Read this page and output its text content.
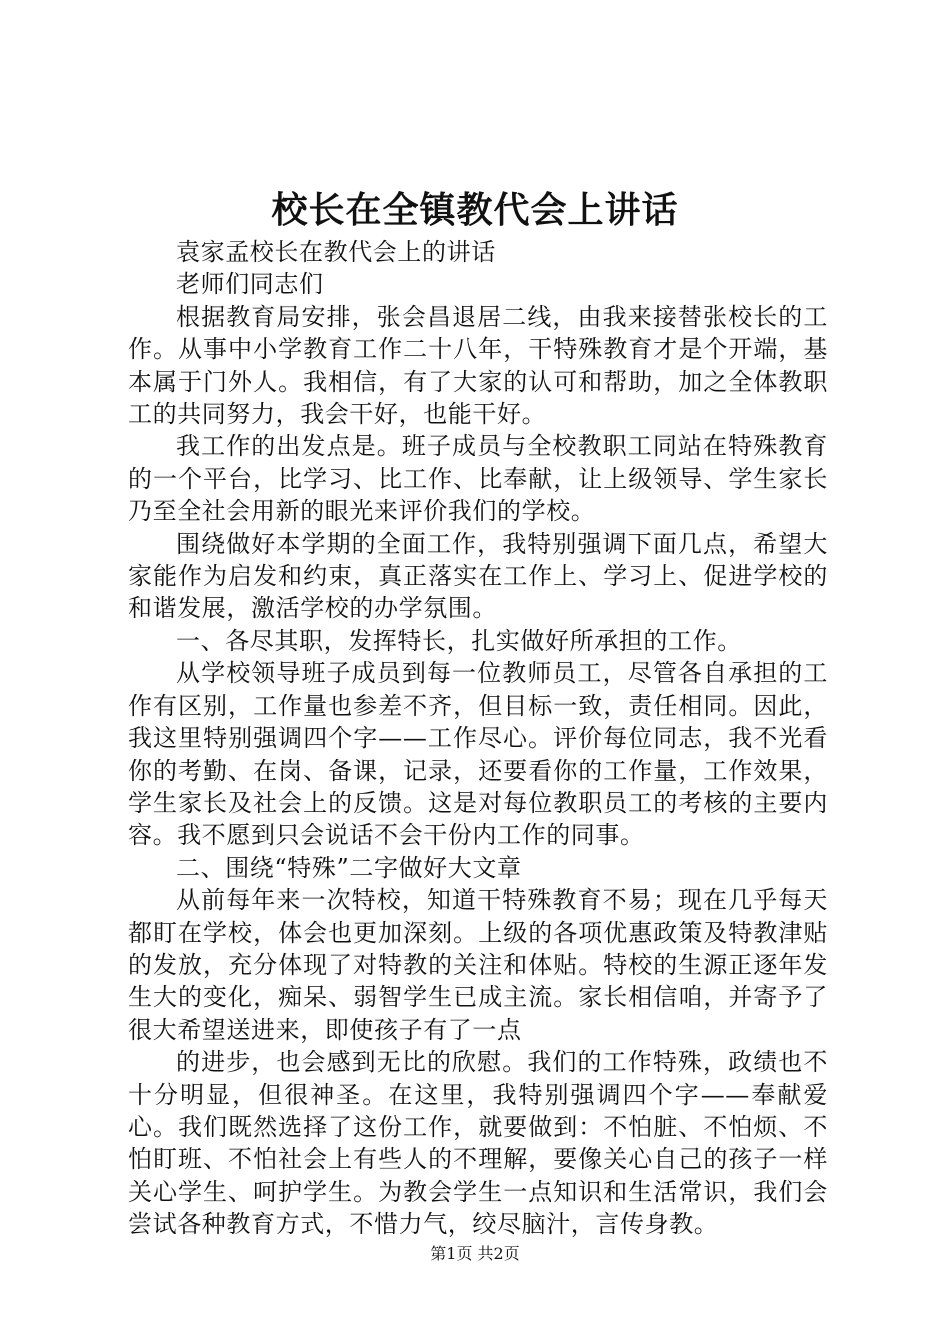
校长在全镇教代会上讲话

袁家孟校长在教代会上的讲话

老师们同志们

根据教育局安排，张会昌退居二线，由我来接替张校长的工作。从事中小学教育工作二十八年，干特殊教育才是个开端，基本属于门外人。我相信，有了大家的认可和帮助，加之全体教职工的共同努力，我会干好，也能干好。

我工作的出发点是。班子成员与全校教职工同站在特殊教育的一个平台，比学习、比工作、比奉献，让上级领导、学生家长乃至全社会用新的眼光来评价我们的学校。

围绕做好本学期的全面工作，我特别强调下面几点，希望大家能作为启发和约束，真正落实在工作上、学习上、促进学校的和谐发展，激活学校的办学氛围。

一、各尽其职，发挥特长，扎实做好所承担的工作。

从学校领导班子成员到每一位教师员工，尽管各自承担的工作有区别，工作量也参差不齐，但目标一致，责任相同。因此，我这里特别强调四个字——工作尽心。评价每位同志，我不光看你的考勤、在岗、备课，记录，还要看你的工作量，工作效果，学生家长及社会上的反馈。这是对每位教职员工的考核的主要内容。我不愿到只会说话不会干份内工作的同事。

二、围绕“特殊”二字做好大文章

从前每年来一次特校，知道干特殊教育不易；现在几乎每天都盯在学校，体会也更加深刻。上级的各项优惠政策及特教津贴的发放，充分体现了对特教的关注和体贴。特校的生源正逐年发生大的变化，痴呆、弱智学生已成主流。家长相信咱，并寄予了很大希望送进来，即使孩子有了一点

的进步，也会感到无比的欣慰。我们的工作特殊，政绩也不十分明显，但很神圣。在这里，我特别强调四个字——奉献爱心。我们既然选择了这份工作，就要做到：不怕脏、不怕烦、不怕盯班、不怕社会上有些人的不理解，要像关心自己的孩子一样关心学生、呵护学生。为教会学生一点知识和生活常识，我们会尝试各种教育方式，不惜力气，绞尽脑汁，言传身教。

第1页 共2页
